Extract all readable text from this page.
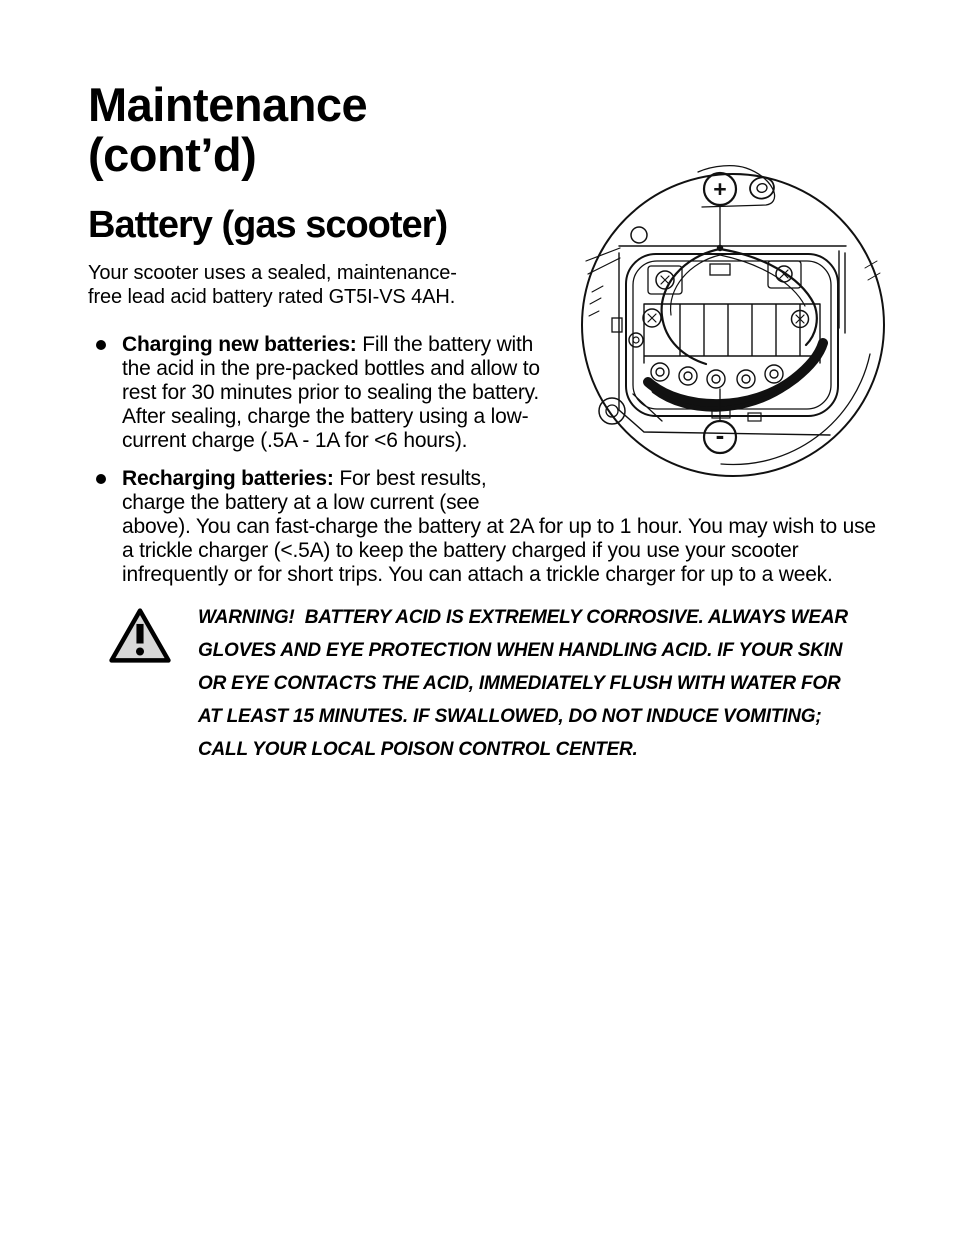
+
-
Maintenance (cont’d)
Battery (gas scooter)

Your scooter uses a sealed, maintenance-free lead acid battery rated GT5I-VS 4AH.

Charging new batteries: Fill the battery with the acid in the pre-packed bottles and allow to rest for 30 minutes prior to sealing the battery. After sealing, charge the battery using a low-current charge (.5A - 1A for <6 hours).
Recharging batteries: For best results, charge the battery at a low current (see above). You can fast-charge the battery at 2A for up to 1 hour. You may wish to use a trickle charger (<.5A) to keep the battery charged if you use your scooter infrequently or for short trips. You can attach a trickle charger for up to a week.

WARNING!  BATTERY ACID IS EXTREMELY CORROSIVE. ALWAYS WEAR GLOVES AND EYE PROTECTION WHEN HANDLING ACID. IF YOUR SKIN OR EYE CONTACTS THE ACID, IMMEDIATELY FLUSH WITH WATER FOR AT LEAST 15 MINUTES. IF SWALLOWED, DO NOT INDUCE VOMITING; CALL YOUR LOCAL POISON CONTROL CENTER.
